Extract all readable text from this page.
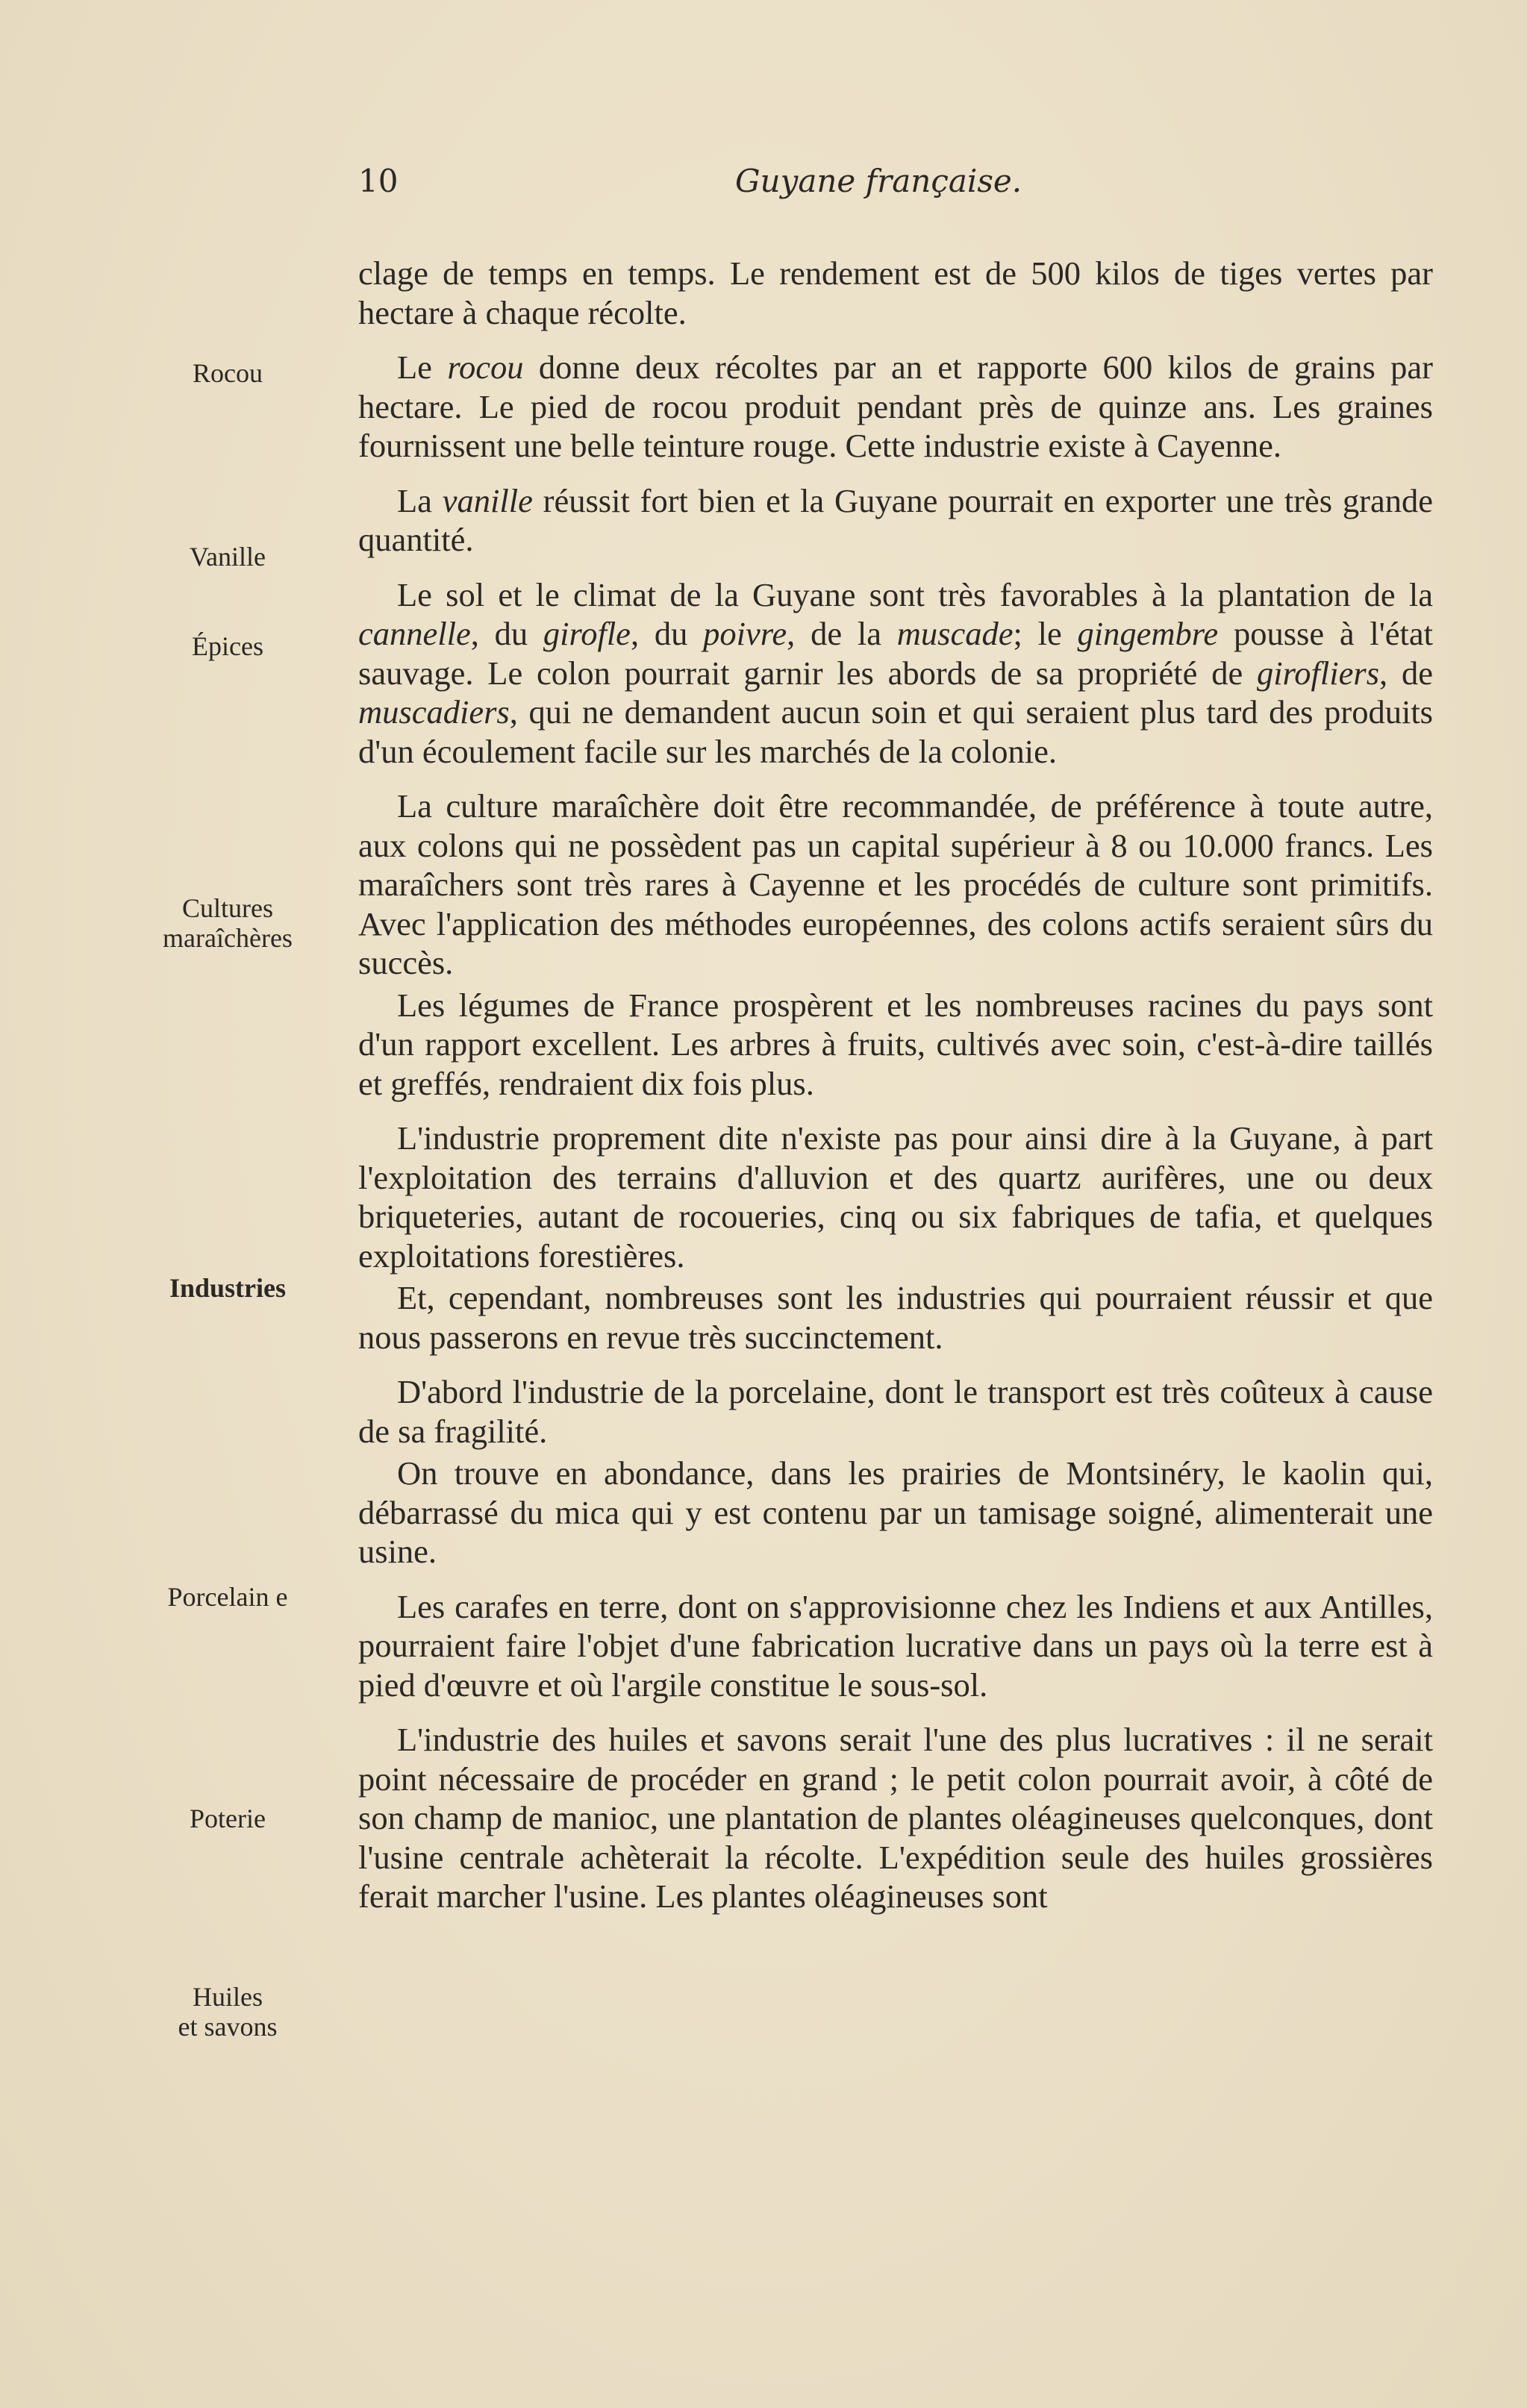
10	Guyane française.
Rocou
Vanille
Épices
Cultures
maraîchères
Industries
Porcelain e
Poterie
Huiles
et savons

clage de temps en temps. Le rendement est de 500 kilos de tiges vertes par hectare à chaque récolte.

Le rocou donne deux récoltes par an et rapporte 600 kilos de grains par hectare. Le pied de rocou produit pendant près de quinze ans. Les graines fournissent une belle teinture rouge. Cette industrie existe à Cayenne.

La vanille réussit fort bien et la Guyane pourrait en exporter une très grande quantité.

Le sol et le climat de la Guyane sont très favorables à la plantation de la cannelle, du girofle, du poivre, de la muscade; le gingembre pousse à l'état sauvage. Le colon pourrait garnir les abords de sa propriété de girofliers, de muscadiers, qui ne demandent aucun soin et qui seraient plus tard des produits d'un écoulement facile sur les marchés de la colonie.

La culture maraîchère doit être recommandée, de préférence à toute autre, aux colons qui ne possèdent pas un capital supérieur à 8 ou 10.000 francs. Les maraîchers sont très rares à Cayenne et les procédés de culture sont primitifs. Avec l'application des méthodes européennes, des colons actifs seraient sûrs du succès.

Les légumes de France prospèrent et les nombreuses racines du pays sont d'un rapport excellent. Les arbres à fruits, cultivés avec soin, c'est-à-dire taillés et greffés, rendraient dix fois plus.

L'industrie proprement dite n'existe pas pour ainsi dire à la Guyane, à part l'exploitation des terrains d'alluvion et des quartz aurifères, une ou deux briqueteries, autant de rocoueries, cinq ou six fabriques de tafia, et quelques exploitations forestières.

Et, cependant, nombreuses sont les industries qui pourraient réussir et que nous passerons en revue très succinctement.

D'abord l'industrie de la porcelaine, dont le transport est très coûteux à cause de sa fragilité.

On trouve en abondance, dans les prairies de Montsinéry, le kaolin qui, débarrassé du mica qui y est contenu par un tamisage soigné, alimenterait une usine.

Les carafes en terre, dont on s'approvisionne chez les Indiens et aux Antilles, pourraient faire l'objet d'une fabrication lucrative dans un pays où la terre est à pied d'œuvre et où l'argile constitue le sous-sol.

L'industrie des huiles et savons serait l'une des plus lucratives : il ne serait point nécessaire de procéder en grand ; le petit colon pourrait avoir, à côté de son champ de manioc, une plantation de plantes oléagineuses quelconques, dont l'usine centrale achèterait la récolte. L'expédition seule des huiles grossières ferait marcher l'usine. Les plantes oléagineuses sont
